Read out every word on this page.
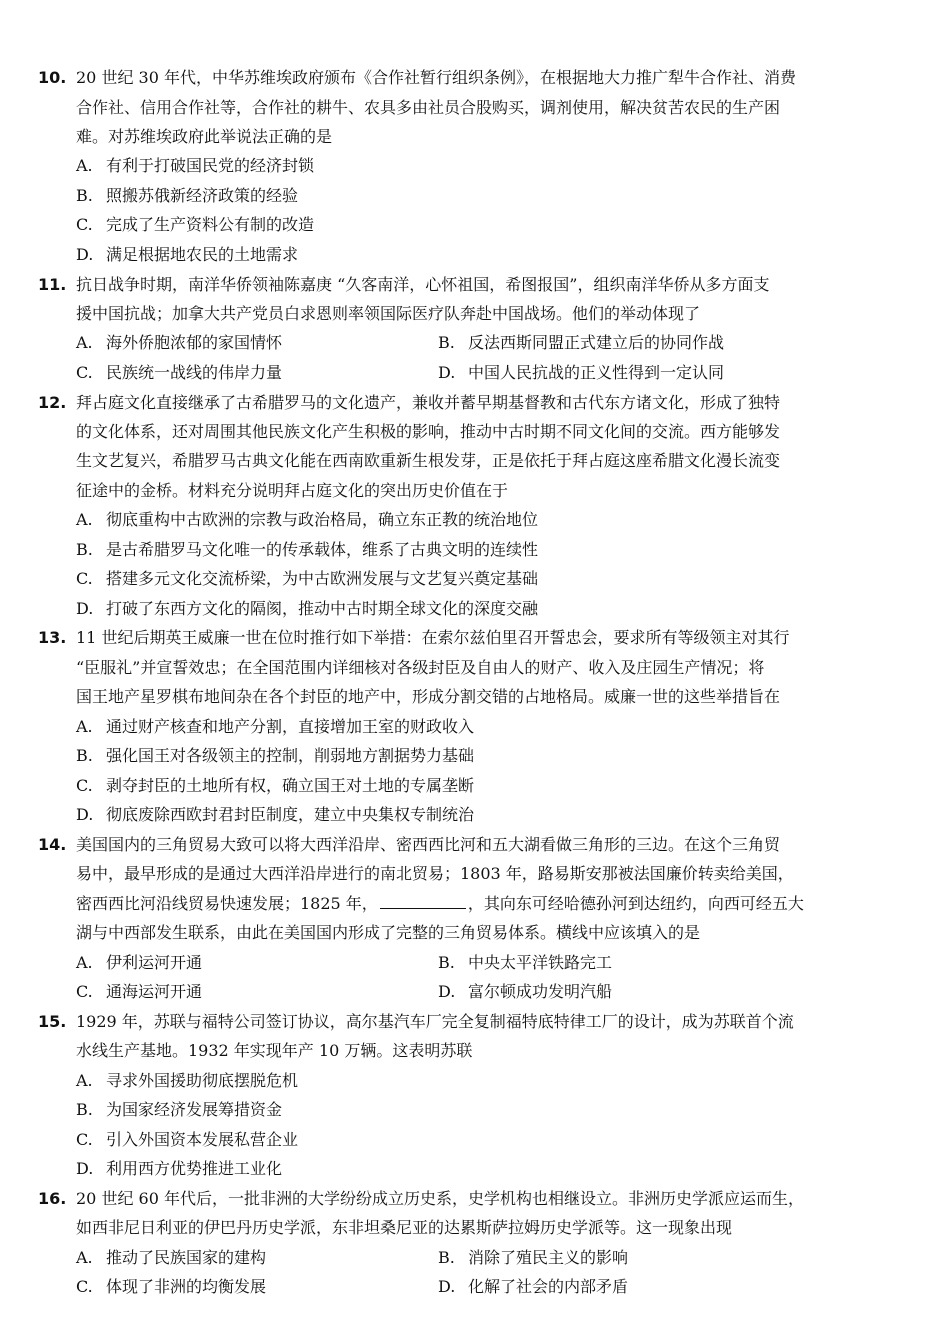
10. 20 世纪 30 年代，中华苏维埃政府颁布《合作社暂行组织条例》，在根据地大力推广犁牛合作社、消费
合作社、信用合作社等，合作社的耕牛、农具多由社员合股购买，调剂使用，解决贫苦农民的生产困
难。对苏维埃政府此举说法正确的是
A. 有利于打破国民党的经济封锁
B. 照搬苏俄新经济政策的经验
C. 完成了生产资料公有制的改造
D. 满足根据地农民的土地需求
11. 抗日战争时期，南洋华侨领袖陈嘉庚 “久客南洋，心怀祖国，希图报国”，组织南洋华侨从多方面支
援中国抗战；加拿大共产党员白求恩则率领国际医疗队奔赴中国战场。他们的举动体现了
A. 海外侨胞浓郁的家国情怀	B. 反法西斯同盟正式建立后的协同作战
C. 民族统一战线的伟岸力量	D. 中国人民抗战的正义性得到一定认同
12. 拜占庭文化直接继承了古希腊罗马的文化遗产，兼收并蓄早期基督教和古代东方诸文化，形成了独特
的文化体系，还对周围其他民族文化产生积极的影响，推动中古时期不同文化间的交流。西方能够发
生文艺复兴，希腊罗马古典文化能在西南欧重新生根发芽，正是依托于拜占庭这座希腊文化漫长流变
征途中的金桥。材料充分说明拜占庭文化的突出历史价值在于
A. 彻底重构中古欧洲的宗教与政治格局，确立东正教的统治地位
B. 是古希腊罗马文化唯一的传承载体，维系了古典文明的连续性
C. 搭建多元文化交流桥梁，为中古欧洲发展与文艺复兴奠定基础
D. 打破了东西方文化的隔阂，推动中古时期全球文化的深度交融
13. 11 世纪后期英王威廉一世在位时推行如下举措：在索尔兹伯里召开誓忠会，要求所有等级领主对其行
“臣服礼”并宣誓效忠；在全国范围内详细核对各级封臣及自由人的财产、收入及庄园生产情况；将
国王地产星罗棋布地间杂在各个封臣的地产中，形成分割交错的占地格局。威廉一世的这些举措旨在
A. 通过财产核查和地产分割，直接增加王室的财政收入
B. 强化国王对各级领主的控制，削弱地方割据势力基础
C. 剥夺封臣的土地所有权，确立国王对土地的专属垄断
D. 彻底废除西欧封君封臣制度，建立中央集权专制统治
14. 美国国内的三角贸易大致可以将大西洋沿岸、密西西比河和五大湖看做三角形的三边。在这个三角贸
易中，最早形成的是通过大西洋沿岸进行的南北贸易；1803 年，路易斯安那被法国廉价转卖给美国，
密西西比河沿线贸易快速发展；1825 年，	，其向东可经哈德孙河到达纽约，向西可经五大
湖与中西部发生联系，由此在美国国内形成了完整的三角贸易体系。横线中应该填入的是
A. 伊利运河开通	B. 中央太平洋铁路完工
C. 通海运河开通	D. 富尔顿成功发明汽船
15. 1929 年，苏联与福特公司签订协议，高尔基汽车厂完全复制福特底特律工厂的设计，成为苏联首个流
水线生产基地。1932 年实现年产 10 万辆。这表明苏联
A. 寻求外国援助彻底摆脱危机
B. 为国家经济发展筹措资金
C. 引入外国资本发展私营企业
D. 利用西方优势推进工业化
16. 20 世纪 60 年代后，一批非洲的大学纷纷成立历史系，史学机构也相继设立。非洲历史学派应运而生，
如西非尼日利亚的伊巴丹历史学派，东非坦桑尼亚的达累斯萨拉姆历史学派等。这一现象出现
A. 推动了民族国家的建构	B. 消除了殖民主义的影响
C. 体现了非洲的均衡发展	D. 化解了社会的内部矛盾
